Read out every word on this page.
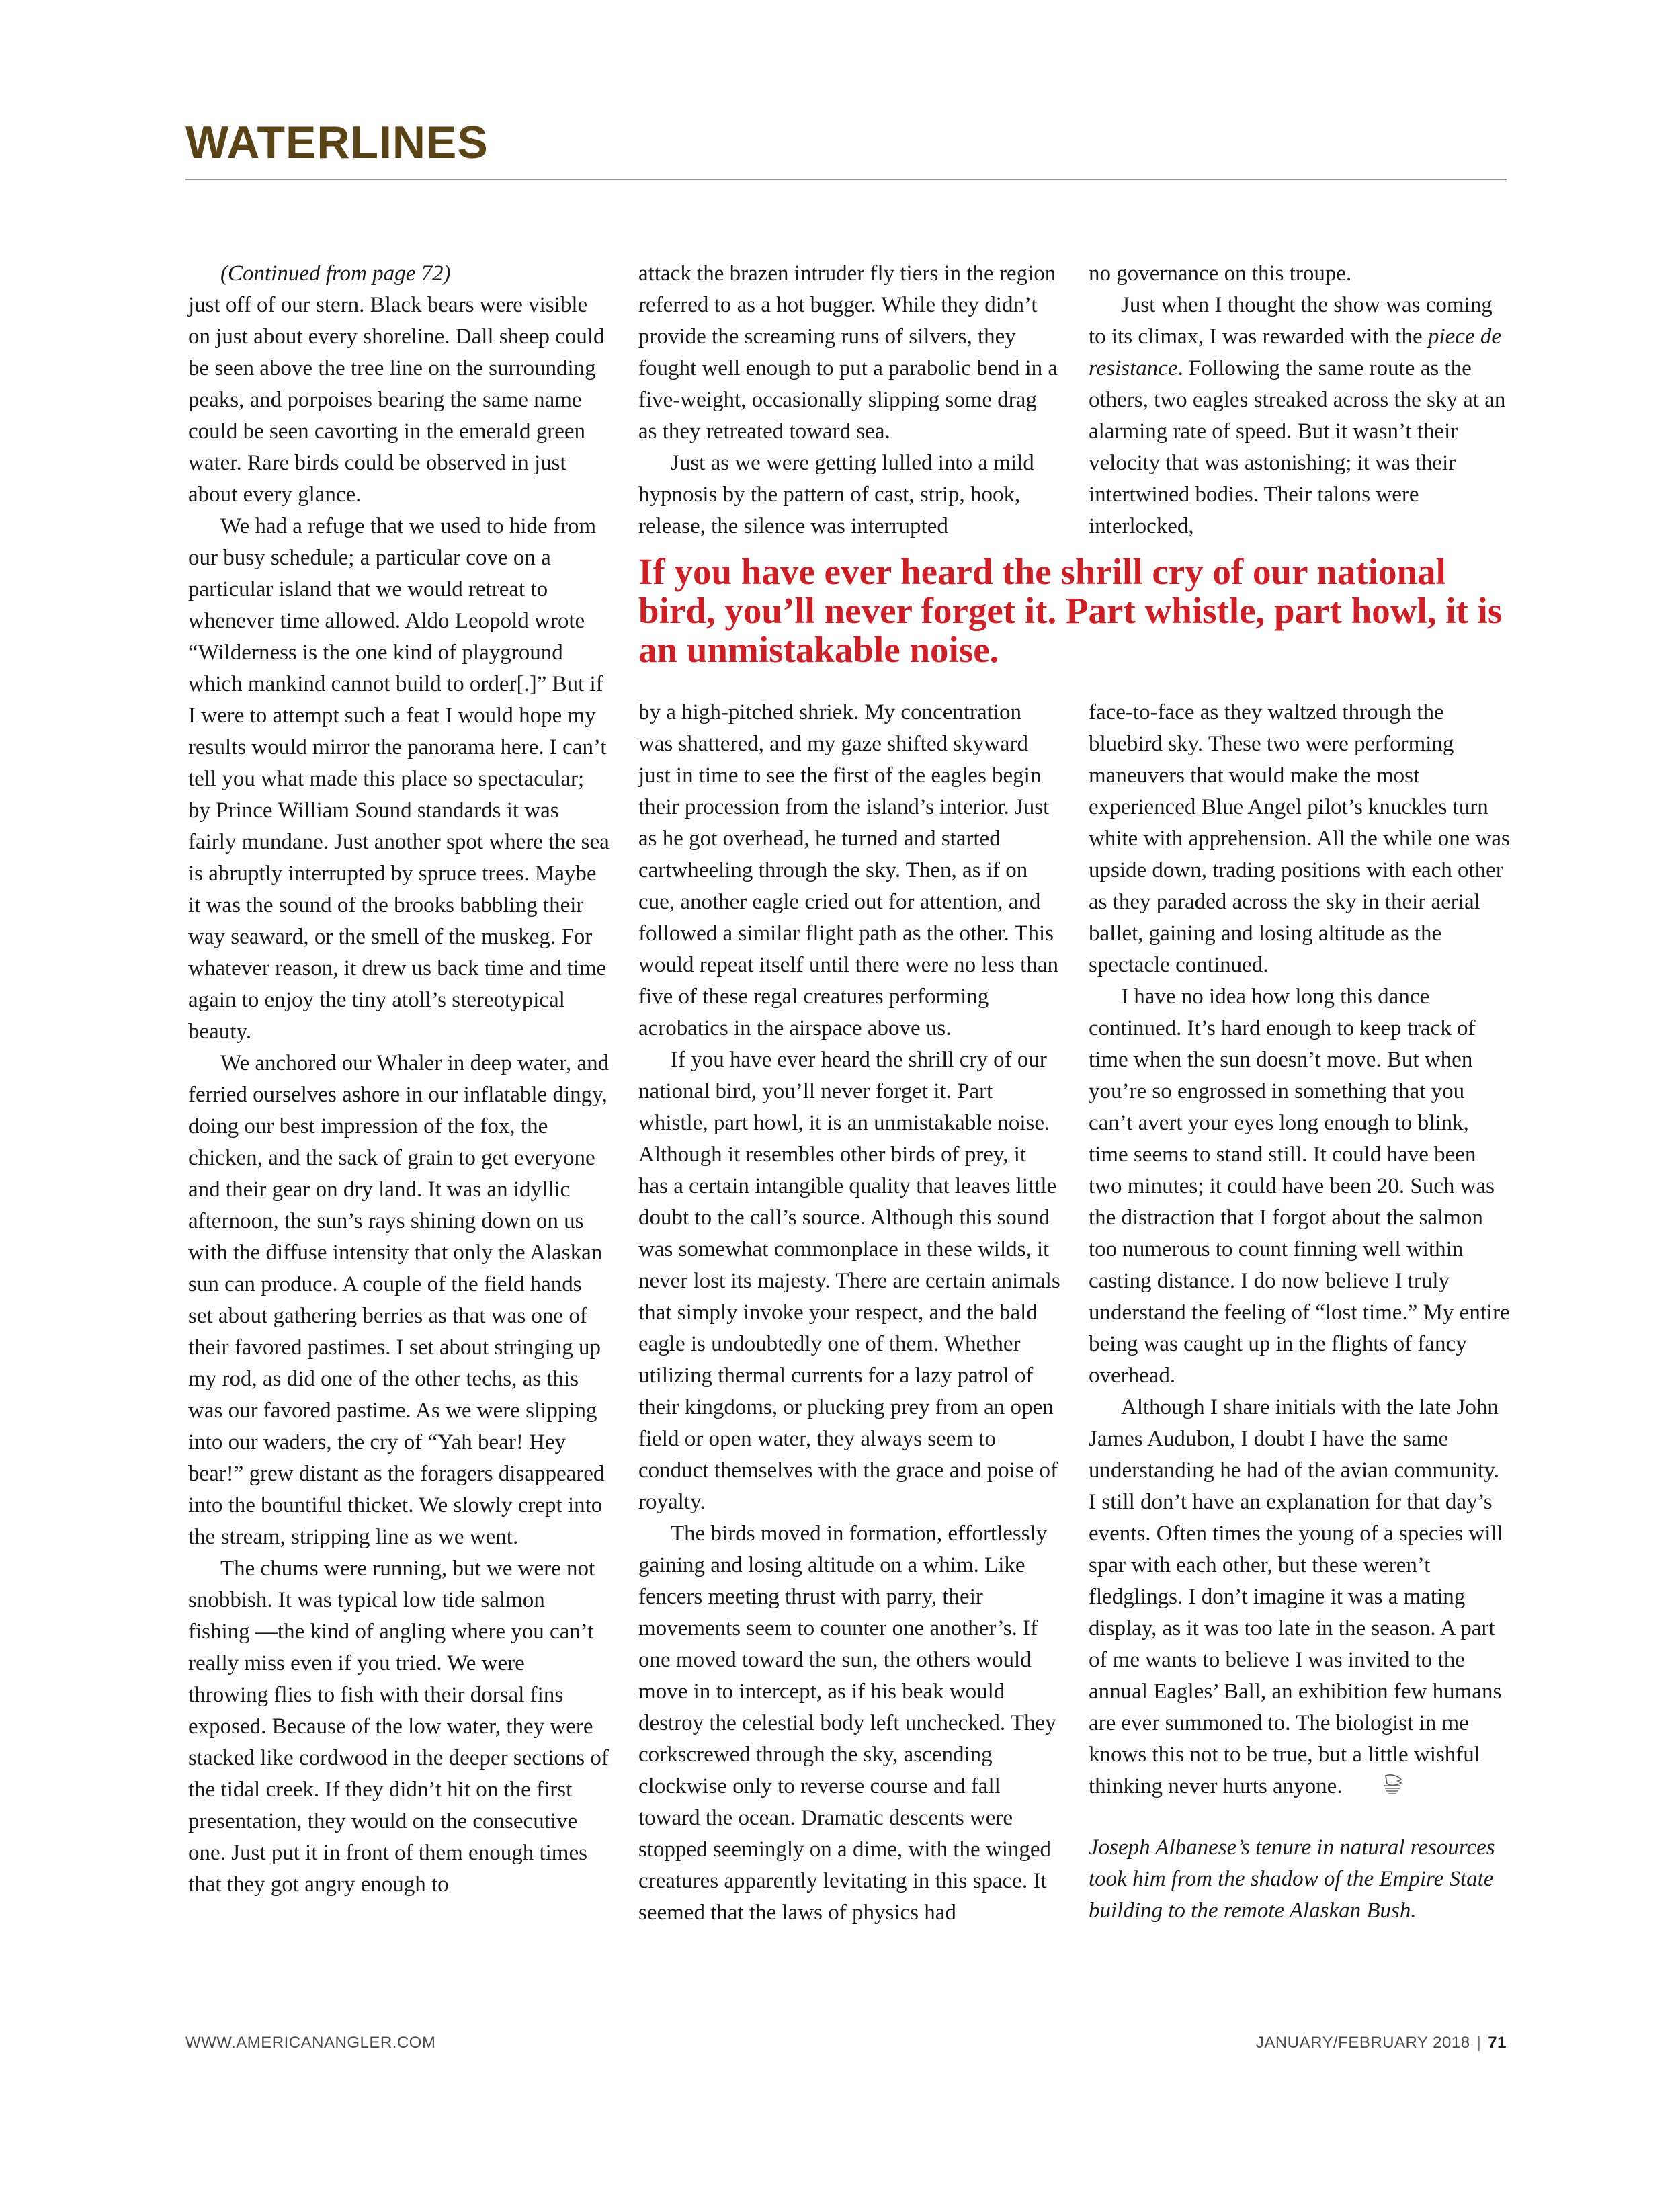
WATERLINES

(Continued from page 72)

just off of our stern. Black bears were visible on just about every shoreline. Dall sheep could be seen above the tree line on the surrounding peaks, and porpoises bearing the same name could be seen cavorting in the emerald green water. Rare birds could be observed in just about every glance.

We had a refuge that we used to hide from our busy schedule; a particular cove on a particular island that we would retreat to whenever time allowed. Aldo Leopold wrote “Wilderness is the one kind of playground which mankind cannot build to order[.]” But if I were to attempt such a feat I would hope my results would mirror the panorama here. I can’t tell you what made this place so spectacular; by Prince William Sound standards it was fairly mundane. Just another spot where the sea is abruptly interrupted by spruce trees. Maybe it was the sound of the brooks babbling their way seaward, or the smell of the muskeg. For whatever reason, it drew us back time and time again to enjoy the tiny atoll’s stereotypical beauty.

We anchored our Whaler in deep water, and ferried ourselves ashore in our inflatable dingy, doing our best impression of the fox, the chicken, and the sack of grain to get everyone and their gear on dry land. It was an idyllic afternoon, the sun’s rays shining down on us with the diffuse intensity that only the Alaskan sun can produce. A couple of the field hands set about gathering berries as that was one of their favored pastimes. I set about stringing up my rod, as did one of the other techs, as this was our favored pastime. As we were slipping into our waders, the cry of “Yah bear! Hey bear!” grew distant as the foragers disappeared into the bountiful thicket. We slowly crept into the stream, stripping line as we went.

The chums were running, but we were not snobbish. It was typical low tide salmon fishing —the kind of angling where you can’t really miss even if you tried. We were throwing flies to fish with their dorsal fins exposed. Because of the low water, they were stacked like cordwood in the deeper sections of the tidal creek. If they didn’t hit on the first presentation, they would on the consecutive one. Just put it in front of them enough times that they got angry enough to

attack the brazen intruder fly tiers in the region referred to as a hot bugger. While they didn’t provide the screaming runs of silvers, they fought well enough to put a parabolic bend in a five-weight, occasionally slipping some drag as they retreated toward sea.

Just as we were getting lulled into a mild hypnosis by the pattern of cast, strip, hook, release, the silence was interrupted

no governance on this troupe.

Just when I thought the show was coming to its climax, I was rewarded with the piece de resistance. Following the same route as the others, two eagles streaked across the sky at an alarming rate of speed. But it wasn’t their velocity that was astonishing; it was their intertwined bodies. Their talons were interlocked,

If you have ever heard the shrill cry of our national bird, you’ll never forget it. Part whistle, part howl, it is an unmistakable noise.

by a high-pitched shriek. My concentration was shattered, and my gaze shifted skyward just in time to see the first of the eagles begin their procession from the island’s interior. Just as he got overhead, he turned and started cartwheeling through the sky. Then, as if on cue, another eagle cried out for attention, and followed a similar flight path as the other. This would repeat itself until there were no less than five of these regal creatures performing acrobatics in the airspace above us.

If you have ever heard the shrill cry of our national bird, you’ll never forget it. Part whistle, part howl, it is an unmistakable noise. Although it resembles other birds of prey, it has a certain intangible quality that leaves little doubt to the call’s source. Although this sound was somewhat commonplace in these wilds, it never lost its majesty. There are certain animals that simply invoke your respect, and the bald eagle is undoubtedly one of them. Whether utilizing thermal currents for a lazy patrol of their kingdoms, or plucking prey from an open field or open water, they always seem to conduct themselves with the grace and poise of royalty.

The birds moved in formation, effortlessly gaining and losing altitude on a whim. Like fencers meeting thrust with parry, their movements seem to counter one another’s. If one moved toward the sun, the others would move in to intercept, as if his beak would destroy the celestial body left unchecked. They corkscrewed through the sky, ascending clockwise only to reverse course and fall toward the ocean. Dramatic descents were stopped seemingly on a dime, with the winged creatures apparently levitating in this space. It seemed that the laws of physics had

face-to-face as they waltzed through the bluebird sky. These two were performing maneuvers that would make the most experienced Blue Angel pilot’s knuckles turn white with apprehension. All the while one was upside down, trading positions with each other as they paraded across the sky in their aerial ballet, gaining and losing altitude as the spectacle continued.

I have no idea how long this dance continued. It’s hard enough to keep track of time when the sun doesn’t move. But when you’re so engrossed in something that you can’t avert your eyes long enough to blink, time seems to stand still. It could have been two minutes; it could have been 20. Such was the distraction that I forgot about the salmon too numerous to count finning well within casting distance. I do now believe I truly understand the feeling of “lost time.” My entire being was caught up in the flights of fancy overhead.

Although I share initials with the late John James Audubon, I doubt I have the same understanding he had of the avian community. I still don’t have an explanation for that day’s events. Often times the young of a species will spar with each other, but these weren’t fledglings. I don’t imagine it was a mating display, as it was too late in the season. A part of me wants to believe I was invited to the annual Eagles’ Ball, an exhibition few humans are ever summoned to. The biologist in me knows this not to be true, but a little wishful thinking never hurts anyone.

Joseph Albanese’s tenure in natural resources took him from the shadow of the Empire State building to the remote Alaskan Bush.

WWW.AMERICANANGLER.COM	JANUARY/FEBRUARY 2018 | 71
